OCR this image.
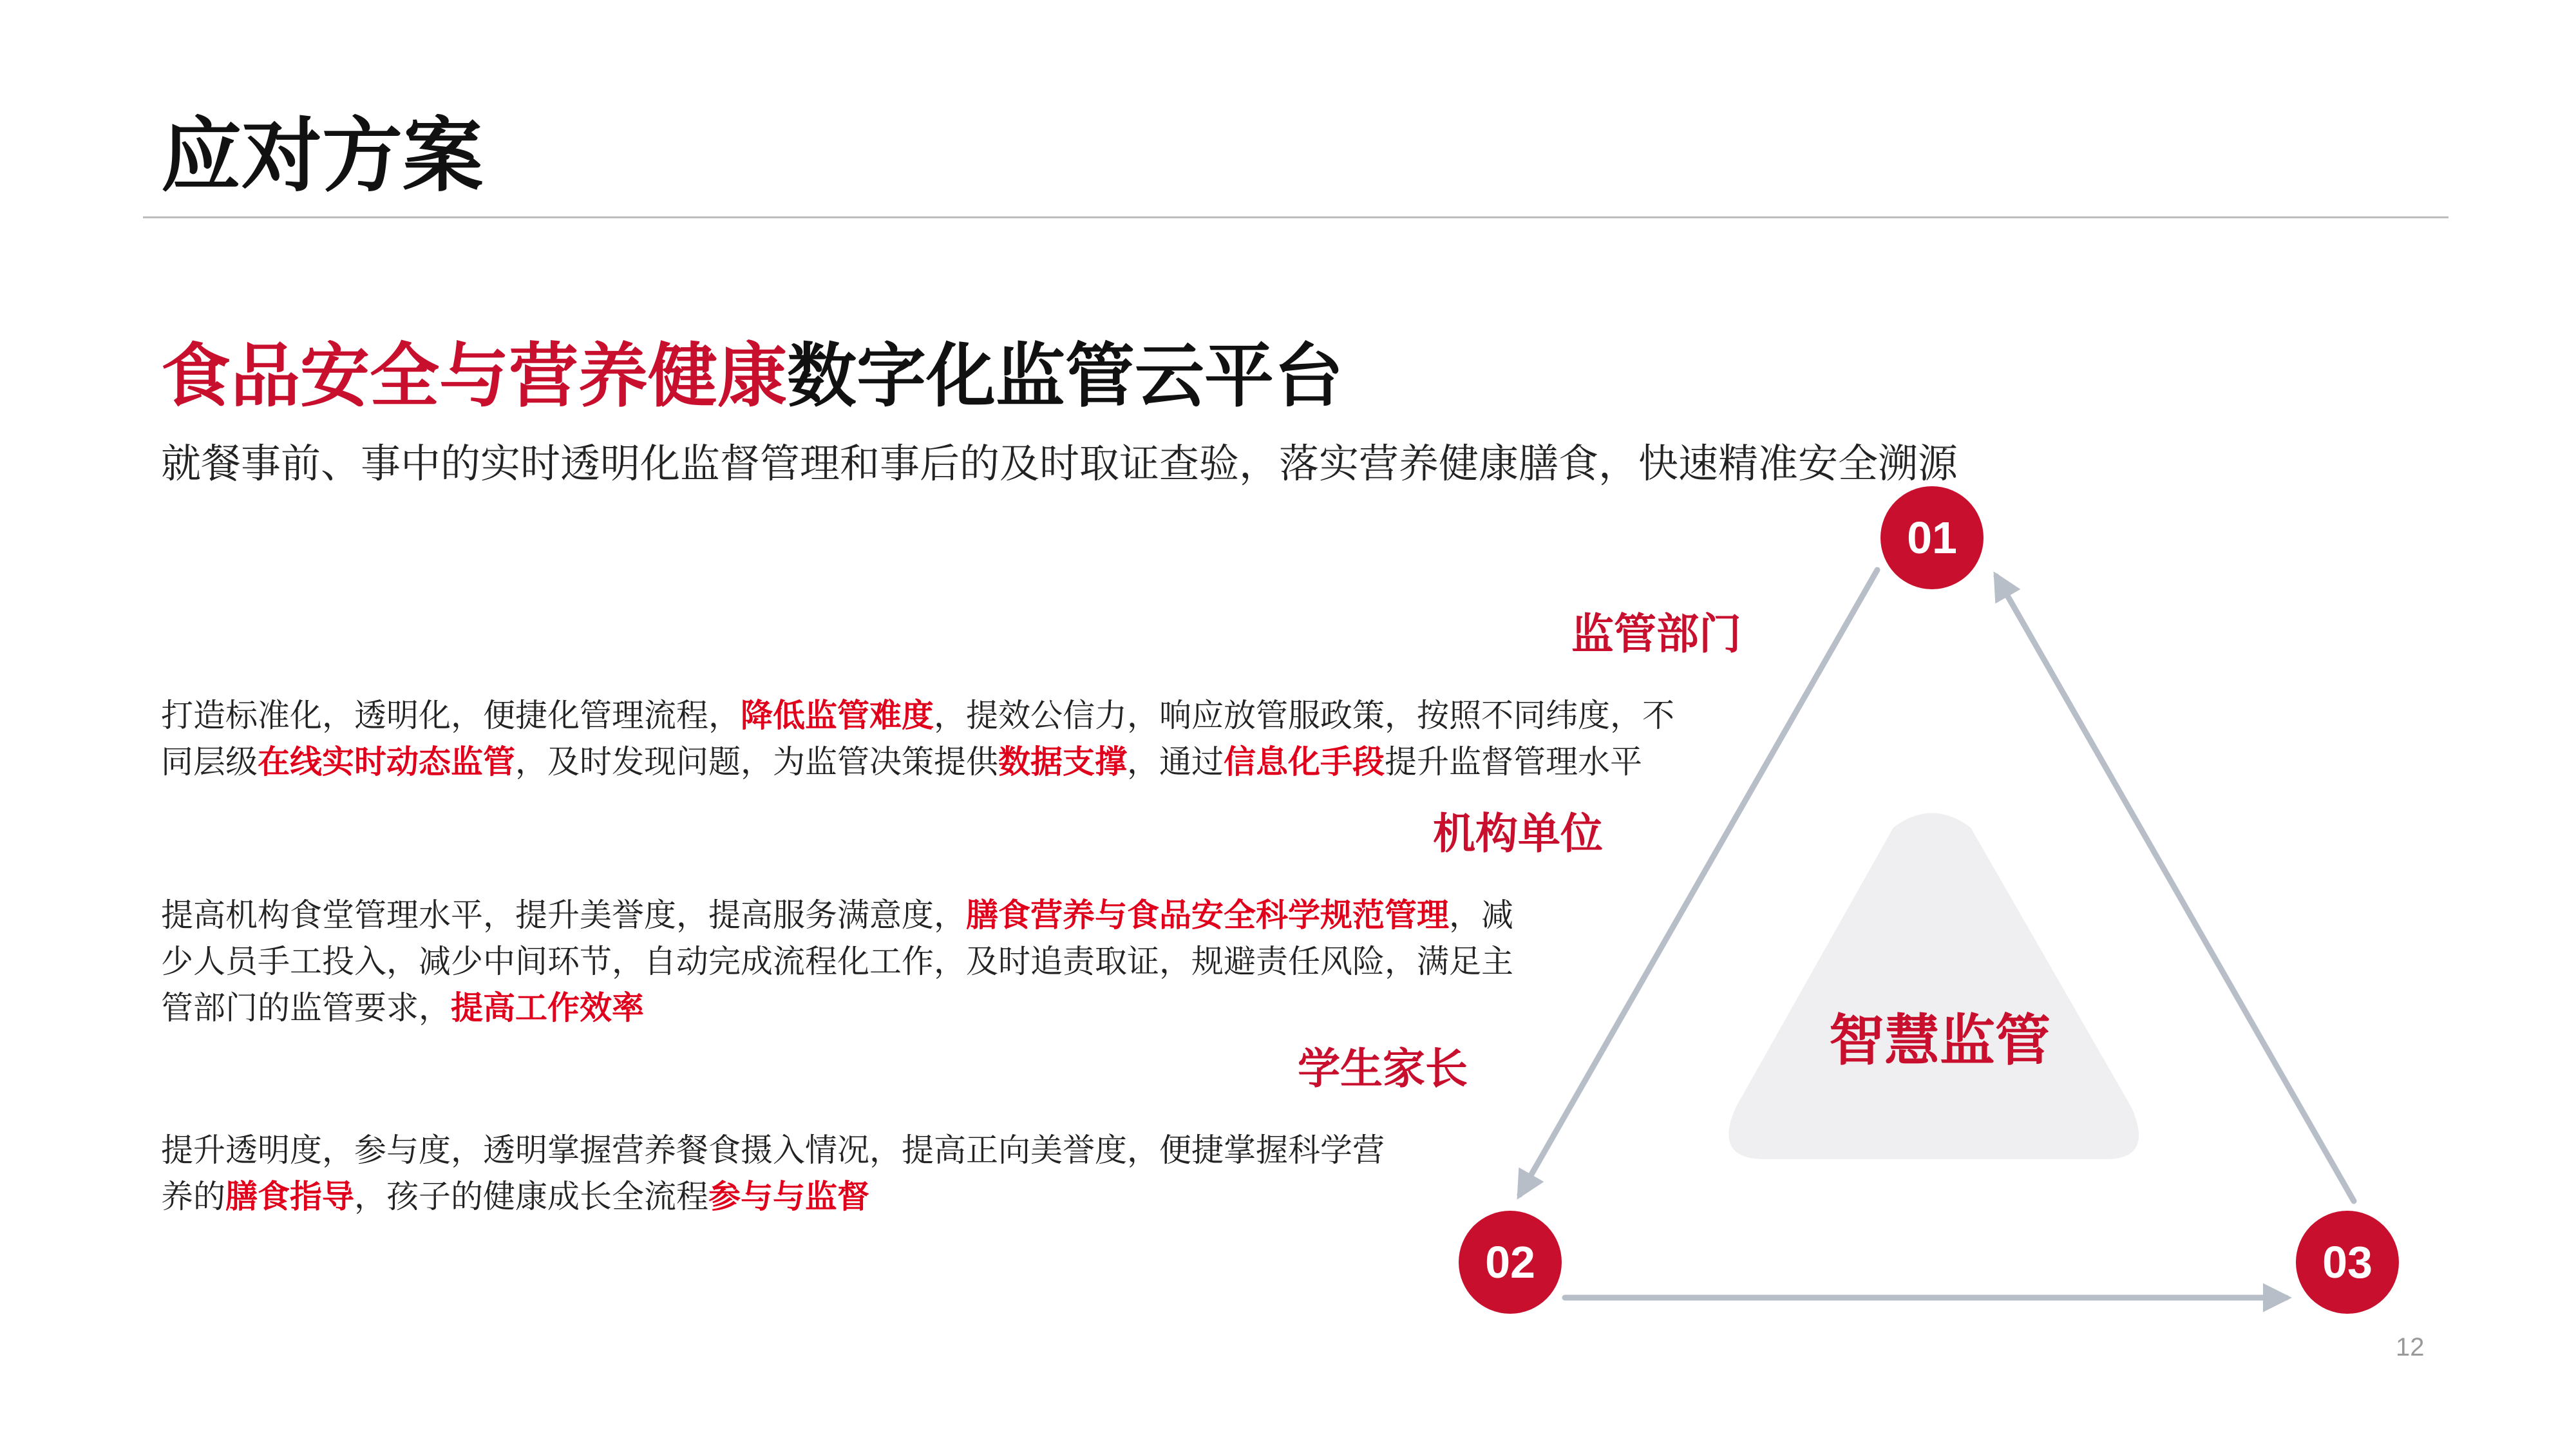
应对方案
食品安全与营养健康数字化监管云平台
就餐事前、事中的实时透明化监督管理和事后的及时取证查验，落实营养健康膳食，快速精准安全溯源
打造标准化，透明化，便捷化管理流程，降低监管难度，提效公信力，响应放管服政策，按照不同纬度，不
同层级在线实时动态监管，及时发现问题，为监管决策提供数据支撑，通过信息化手段提升监督管理水平
提高机构食堂管理水平，提升美誉度，提高服务满意度，膳食营养与食品安全科学规范管理，减
少人员手工投入，减少中间环节，自动完成流程化工作，及时追责取证，规避责任风险，满足主
管部门的监管要求，提高工作效率
提升透明度，参与度，透明掌握营养餐食摄入情况，提高正向美誉度，便捷掌握科学营
养的膳食指导，孩子的健康成长全流程参与与监督
监管部门
机构单位
学生家长
01
02	03
智慧监管
12
